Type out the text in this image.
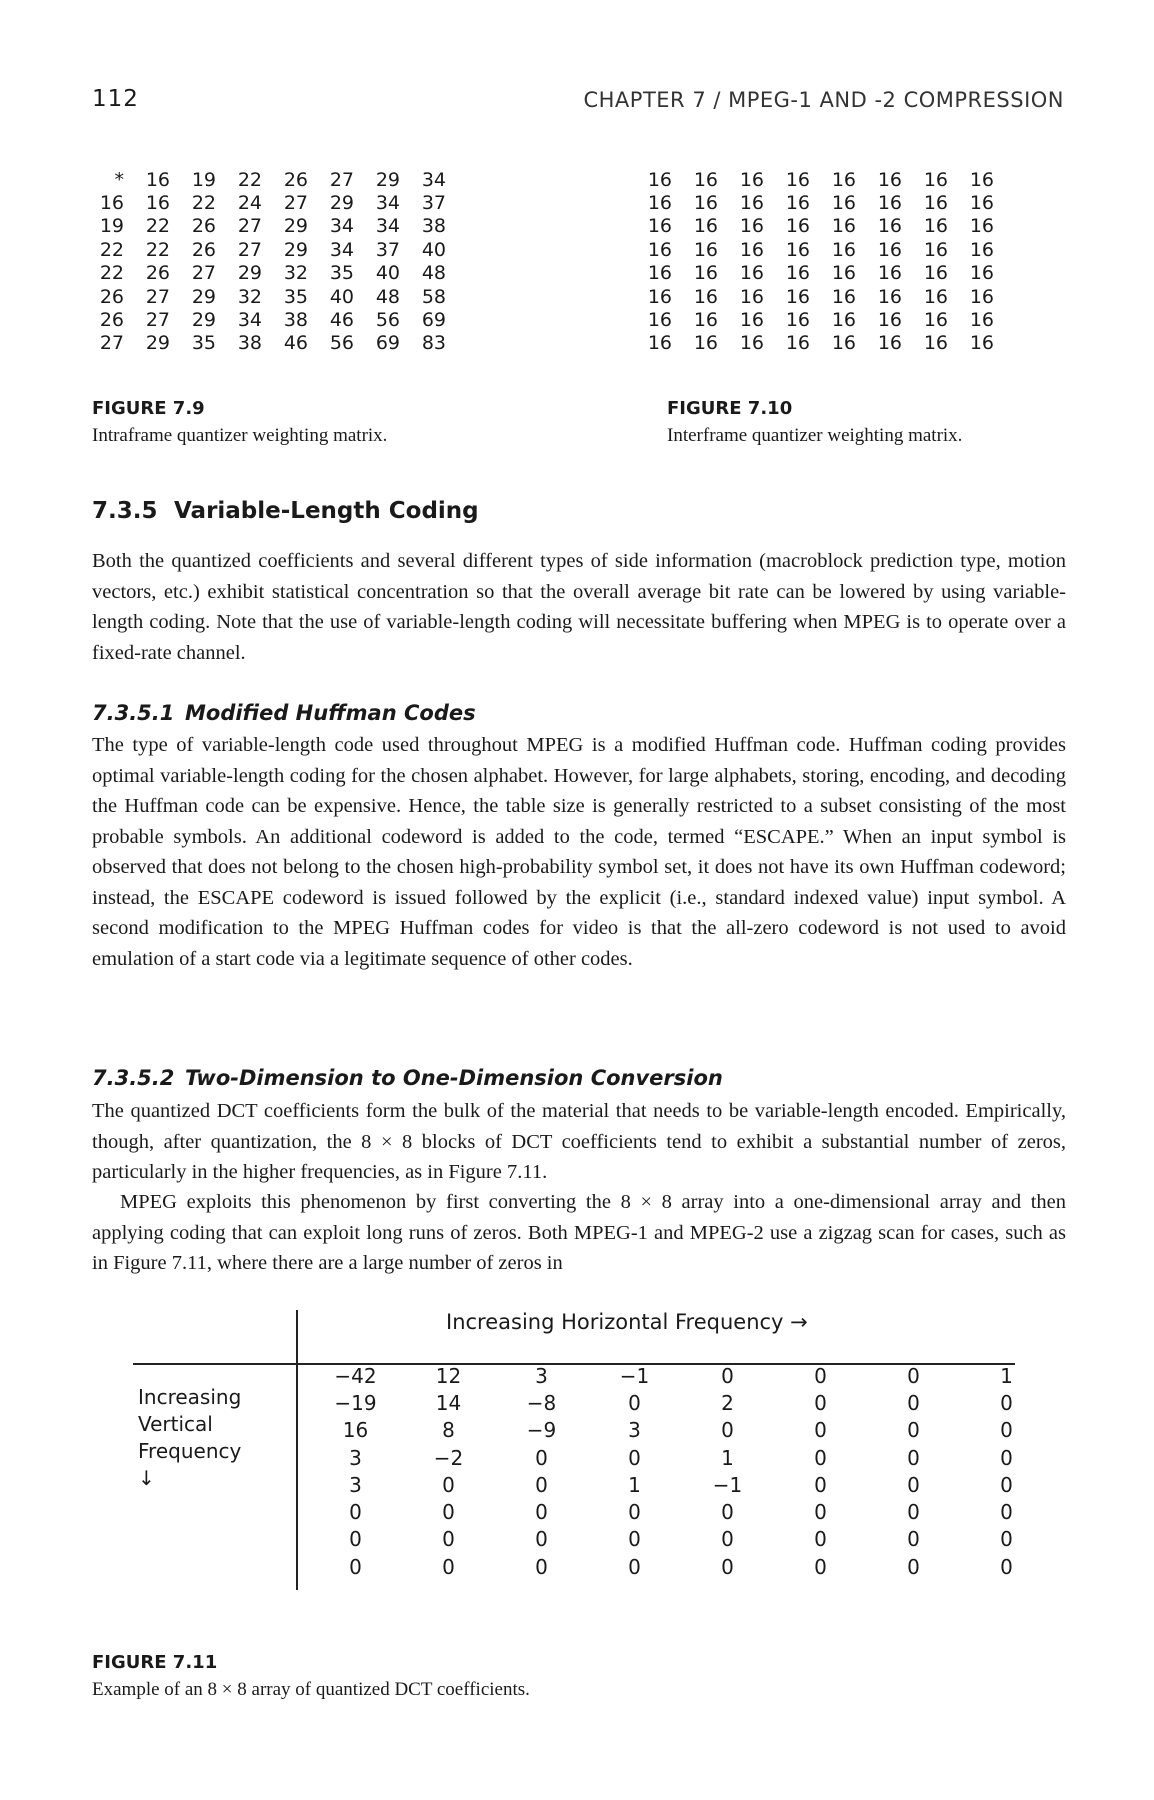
112	CHAPTER 7 / MPEG-1 AND -2 COMPRESSION
*	16	19	22	26	27	29	34
16	16	22	24	27	29	34	37
19	22	26	27	29	34	34	38
22	22	26	27	29	34	37	40
22	26	27	29	32	35	40	48
26	27	29	32	35	40	48	58
26	27	29	34	38	46	56	69
27	29	35	38	46	56	69	83
16	16	16	16	16	16	16	16
16	16	16	16	16	16	16	16
16	16	16	16	16	16	16	16
16	16	16	16	16	16	16	16
16	16	16	16	16	16	16	16
16	16	16	16	16	16	16	16
16	16	16	16	16	16	16	16
16	16	16	16	16	16	16	16
FIGURE 7.9
Intraframe quantizer weighting matrix.
FIGURE 7.10
Interframe quantizer weighting matrix.
7.3.5 Variable-Length Coding

Both the quantized coefficients and several different types of side information (macroblock prediction type, motion vectors, etc.) exhibit statistical concentration so that the overall average bit rate can be lowered by using variable-length coding. Note that the use of variable-length coding will necessitate buffering when MPEG is to operate over a fixed-rate channel.

7.3.5.1 Modified Huffman Codes

The type of variable-length code used throughout MPEG is a modified Huffman code. Huffman coding provides optimal variable-length coding for the chosen alphabet. However, for large alphabets, storing, encoding, and decoding the Huffman code can be expensive. Hence, the table size is generally restricted to a subset consisting of the most probable symbols. An additional codeword is added to the code, termed “ESCAPE.” When an input symbol is observed that does not belong to the chosen high-probability symbol set, it does not have its own Huffman codeword; instead, the ESCAPE codeword is issued followed by the explicit (i.e., standard indexed value) input symbol. A second modification to the MPEG Huffman codes for video is that the all-zero codeword is not used to avoid emulation of a start code via a legitimate sequence of other codes.

7.3.5.2 Two-Dimension to One-Dimension Conversion

The quantized DCT coefficients form the bulk of the material that needs to be variable-length encoded. Empirically, though, after quantization, the 8 × 8 blocks of DCT coefficients tend to exhibit a substantial number of zeros, particularly in the higher frequencies, as in Figure 7.11.

MPEG exploits this phenomenon by first converting the 8 × 8 array into a one-dimensional array and then applying coding that can exploit long runs of zeros. Both MPEG-1 and MPEG-2 use a zigzag scan for cases, such as in Figure 7.11, where there are a large number of zeros in

Increasing Horizontal Frequency →
Increasing
Vertical
Frequency
↓
−42	12	3	−1	0	0	0	1
−19	14	−8	0	2	0	0	0
16	8	−9	3	0	0	0	0
3	−2	0	0	1	0	0	0
3	0	0	1	−1	0	0	0
0	0	0	0	0	0	0	0
0	0	0	0	0	0	0	0
0	0	0	0	0	0	0	0
FIGURE 7.11
Example of an 8 × 8 array of quantized DCT coefficients.
